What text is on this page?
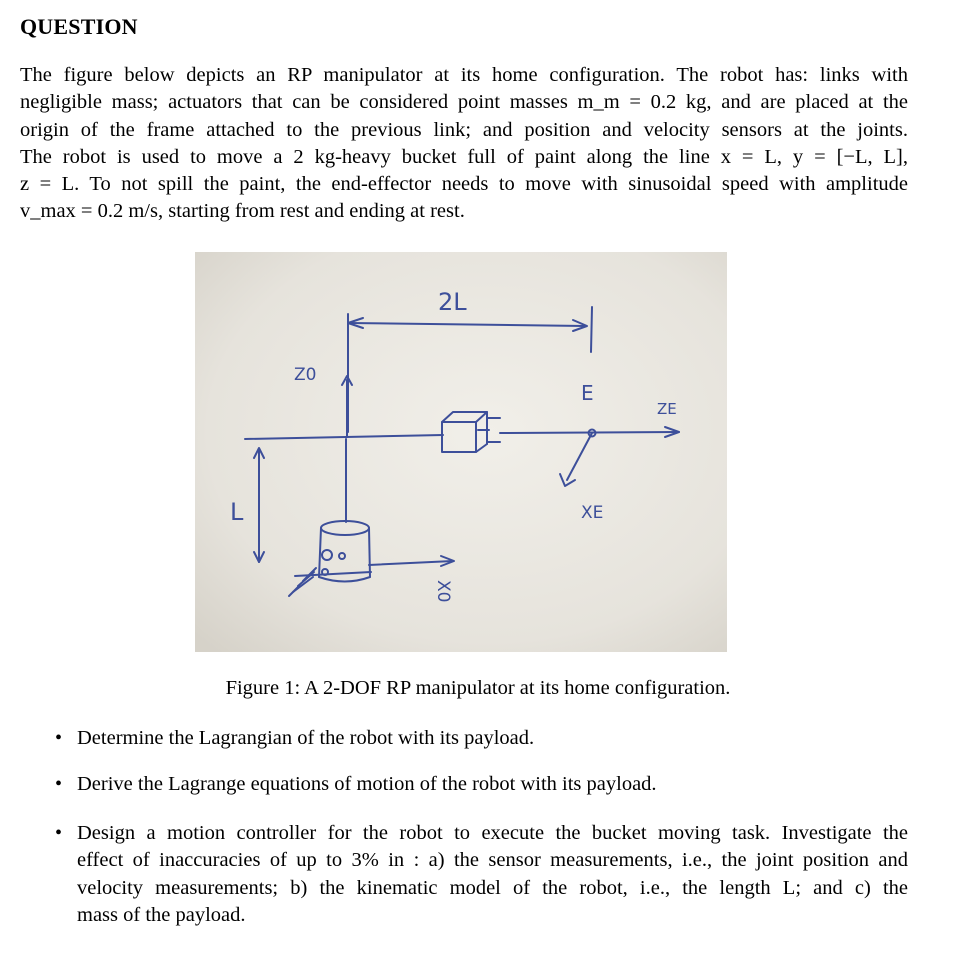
QUESTION
The figure below depicts an RP manipulator at its home configuration. The robot has: links with
negligible mass; actuators that can be considered point masses m_m = 0.2 kg, and are placed at the
origin of the frame attached to the previous link; and position and velocity sensors at the joints.
The robot is used to move a 2 kg-heavy bucket full of paint along the line x = L, y = [−L, L],
z = L. To not spill the paint, the end-effector needs to move with sinusoidal speed with amplitude
v_max = 0.2 m/s, starting from rest and ending at rest.
2L
L
Z0
E
ZE
XE
X0
Figure 1: A 2-DOF RP manipulator at its home configuration.
• Determine the Lagrangian of the robot with its payload.
• Derive the Lagrange equations of motion of the robot with its payload.
• Design a motion controller for the robot to execute the bucket moving task. Investigate the
effect of inaccuracies of up to 3% in : a) the sensor measurements, i.e., the joint position and
velocity measurements; b) the kinematic model of the robot, i.e., the length L; and c) the
mass of the payload.
